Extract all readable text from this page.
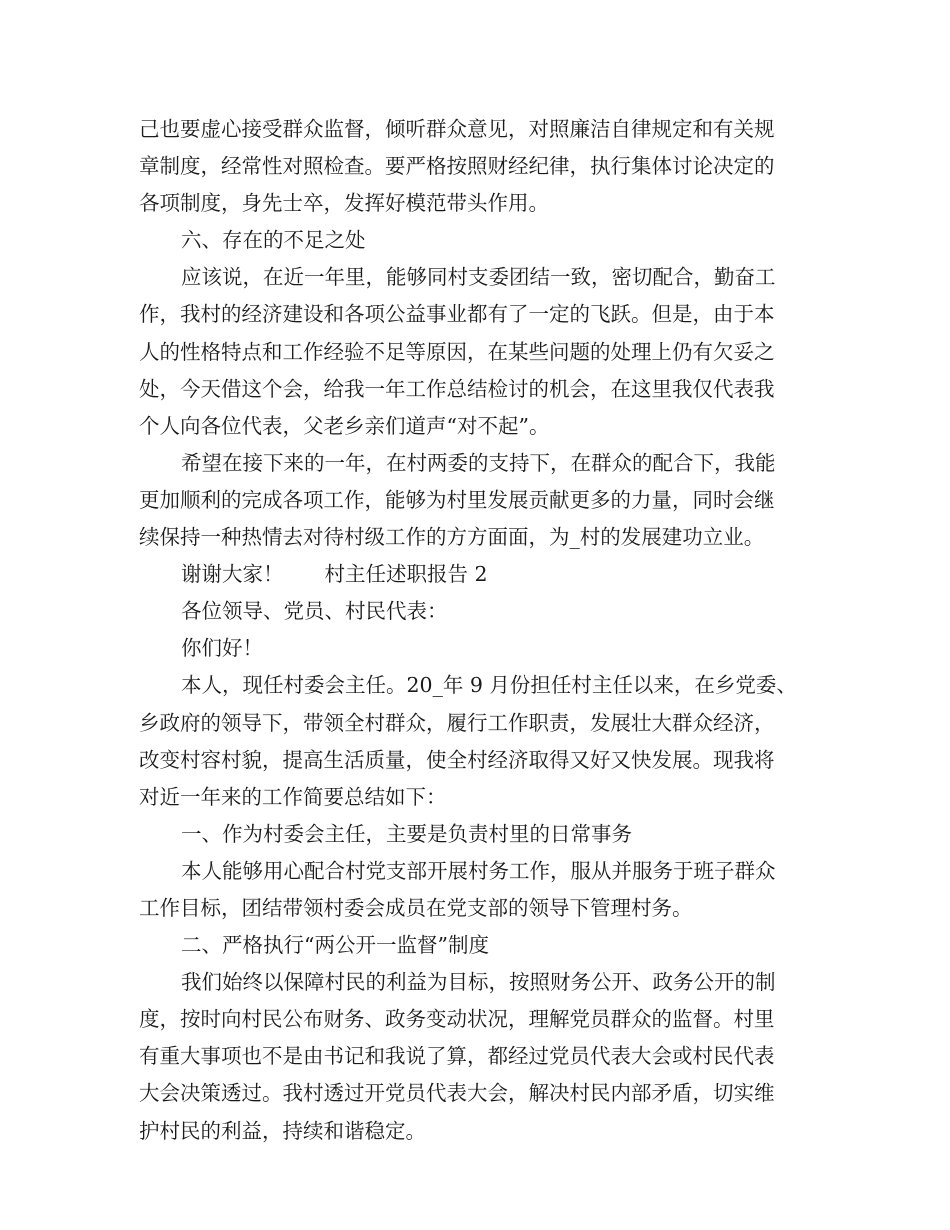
己也要虚心接受群众监督，倾听群众意见，对照廉洁自律规定和有关规

章制度，经常性对照检查。要严格按照财经纪律，执行集体讨论决定的

各项制度，身先士卒，发挥好模范带头作用。

六、存在的不足之处

应该说，在近一年里，能够同村支委团结一致，密切配合，勤奋工

作，我村的经济建设和各项公益事业都有了一定的飞跃。但是，由于本

人的性格特点和工作经验不足等原因，在某些问题的处理上仍有欠妥之

处，今天借这个会，给我一年工作总结检讨的机会，在这里我仅代表我

个人向各位代表，父老乡亲们道声“对不起”。

希望在接下来的一年，在村两委的支持下，在群众的配合下，我能

更加顺利的完成各项工作，能够为村里发展贡献更多的力量，同时会继

续保持一种热情去对待村级工作的方方面面，为_村的发展建功立业。

谢谢大家！　　村主任述职报告 2

各位领导、党员、村民代表：

你们好！

本人，现任村委会主任。20_年 9 月份担任村主任以来，在乡党委、

乡政府的领导下，带领全村群众，履行工作职责，发展壮大群众经济，

改变村容村貌，提高生活质量，使全村经济取得又好又快发展。现我将

对近一年来的工作简要总结如下：

一、作为村委会主任，主要是负责村里的日常事务

本人能够用心配合村党支部开展村务工作，服从并服务于班子群众

工作目标，团结带领村委会成员在党支部的领导下管理村务。

二、严格执行“两公开一监督”制度

我们始终以保障村民的利益为目标，按照财务公开、政务公开的制

度，按时向村民公布财务、政务变动状况，理解党员群众的监督。村里

有重大事项也不是由书记和我说了算，都经过党员代表大会或村民代表

大会决策透过。我村透过开党员代表大会，解决村民内部矛盾，切实维

护村民的利益，持续和谐稳定。
